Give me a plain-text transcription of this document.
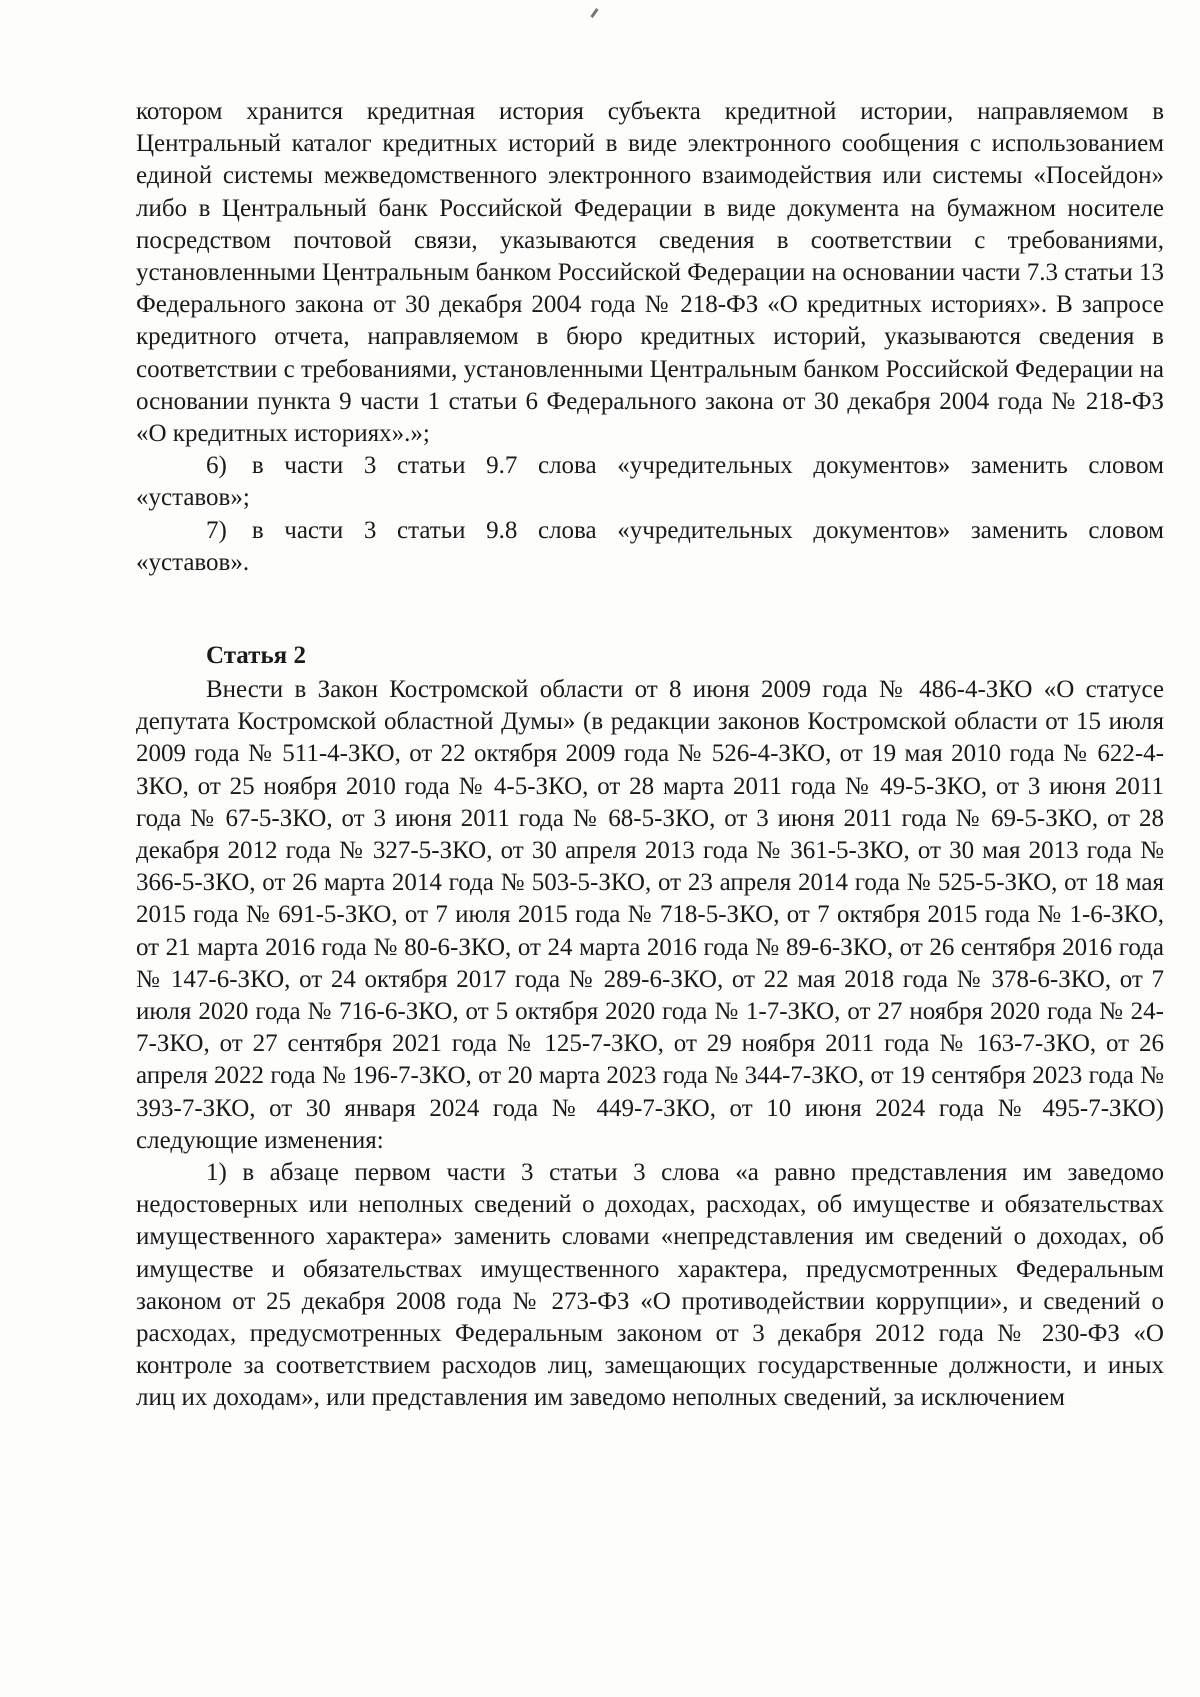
котором хранится кредитная история субъекта кредитной истории, направляемом в Центральный каталог кредитных историй в виде электронного сообщения с использованием единой системы межведомственного электронного взаимодействия или системы «Посейдон» либо в Центральный банк Российской Федерации в виде документа на бумажном носителе посредством почтовой связи, указываются сведения в соответствии с требованиями, установленными Центральным банком Российской Федерации на основании части 7.3 статьи 13 Федерального закона от 30 декабря 2004 года № 218-ФЗ «О кредитных историях». В запросе кредитного отчета, направляемом в бюро кредитных историй, указываются сведения в соответствии с требованиями, установленными Центральным банком Российской Федерации на основании пункта 9 части 1 статьи 6 Федерального закона от 30 декабря 2004 года № 218-ФЗ «О кредитных историях».»;

6) в части 3 статьи 9.7 слова «учредительных документов» заменить словом «уставов»;

7) в части 3 статьи 9.8 слова «учредительных документов» заменить словом «уставов».

Статья 2

Внести в Закон Костромской области от 8 июня 2009 года № 486-4-ЗКО «О статусе депутата Костромской областной Думы» (в редакции законов Костромской области от 15 июля 2009 года № 511-4-ЗКО, от 22 октября 2009 года № 526-4-ЗКО, от 19 мая 2010 года № 622-4-ЗКО, от 25 ноября 2010 года № 4-5-ЗКО, от 28 марта 2011 года № 49-5-ЗКО, от 3 июня 2011 года № 67-5-ЗКО, от 3 июня 2011 года № 68-5-ЗКО, от 3 июня 2011 года № 69-5-ЗКО, от 28 декабря 2012 года № 327-5-ЗКО, от 30 апреля 2013 года № 361-5-ЗКО, от 30 мая 2013 года № 366-5-ЗКО, от 26 марта 2014 года № 503-5-ЗКО, от 23 апреля 2014 года № 525-5-ЗКО, от 18 мая 2015 года № 691-5-ЗКО, от 7 июля 2015 года № 718-5-ЗКО, от 7 октября 2015 года № 1-6-ЗКО, от 21 марта 2016 года № 80-6-ЗКО, от 24 марта 2016 года № 89-6-ЗКО, от 26 сентября 2016 года № 147-6-ЗКО, от 24 октября 2017 года № 289-6-ЗКО, от 22 мая 2018 года № 378-6-ЗКО, от 7 июля 2020 года № 716-6-ЗКО, от 5 октября 2020 года № 1-7-ЗКО, от 27 ноября 2020 года № 24-7-ЗКО, от 27 сентября 2021 года № 125-7-ЗКО, от 29 ноября 2011 года № 163-7-ЗКО, от 26 апреля 2022 года № 196-7-ЗКО, от 20 марта 2023 года № 344-7-ЗКО, от 19 сентября 2023 года № 393-7-ЗКО, от 30 января 2024 года № 449-7-ЗКО, от 10 июня 2024 года № 495-7-ЗКО) следующие изменения:

1) в абзаце первом части 3 статьи 3 слова «а равно представления им заведомо недостоверных или неполных сведений о доходах, расходах, об имуществе и обязательствах имущественного характера» заменить словами «непредставления им сведений о доходах, об имуществе и обязательствах имущественного характера, предусмотренных Федеральным законом от 25 декабря 2008 года № 273-ФЗ «О противодействии коррупции», и сведений о расходах, предусмотренных Федеральным законом от 3 декабря 2012 года № 230-ФЗ «О контроле за соответствием расходов лиц, замещающих государственные должности, и иных лиц их доходам», или представления им заведомо неполных сведений, за исключением
